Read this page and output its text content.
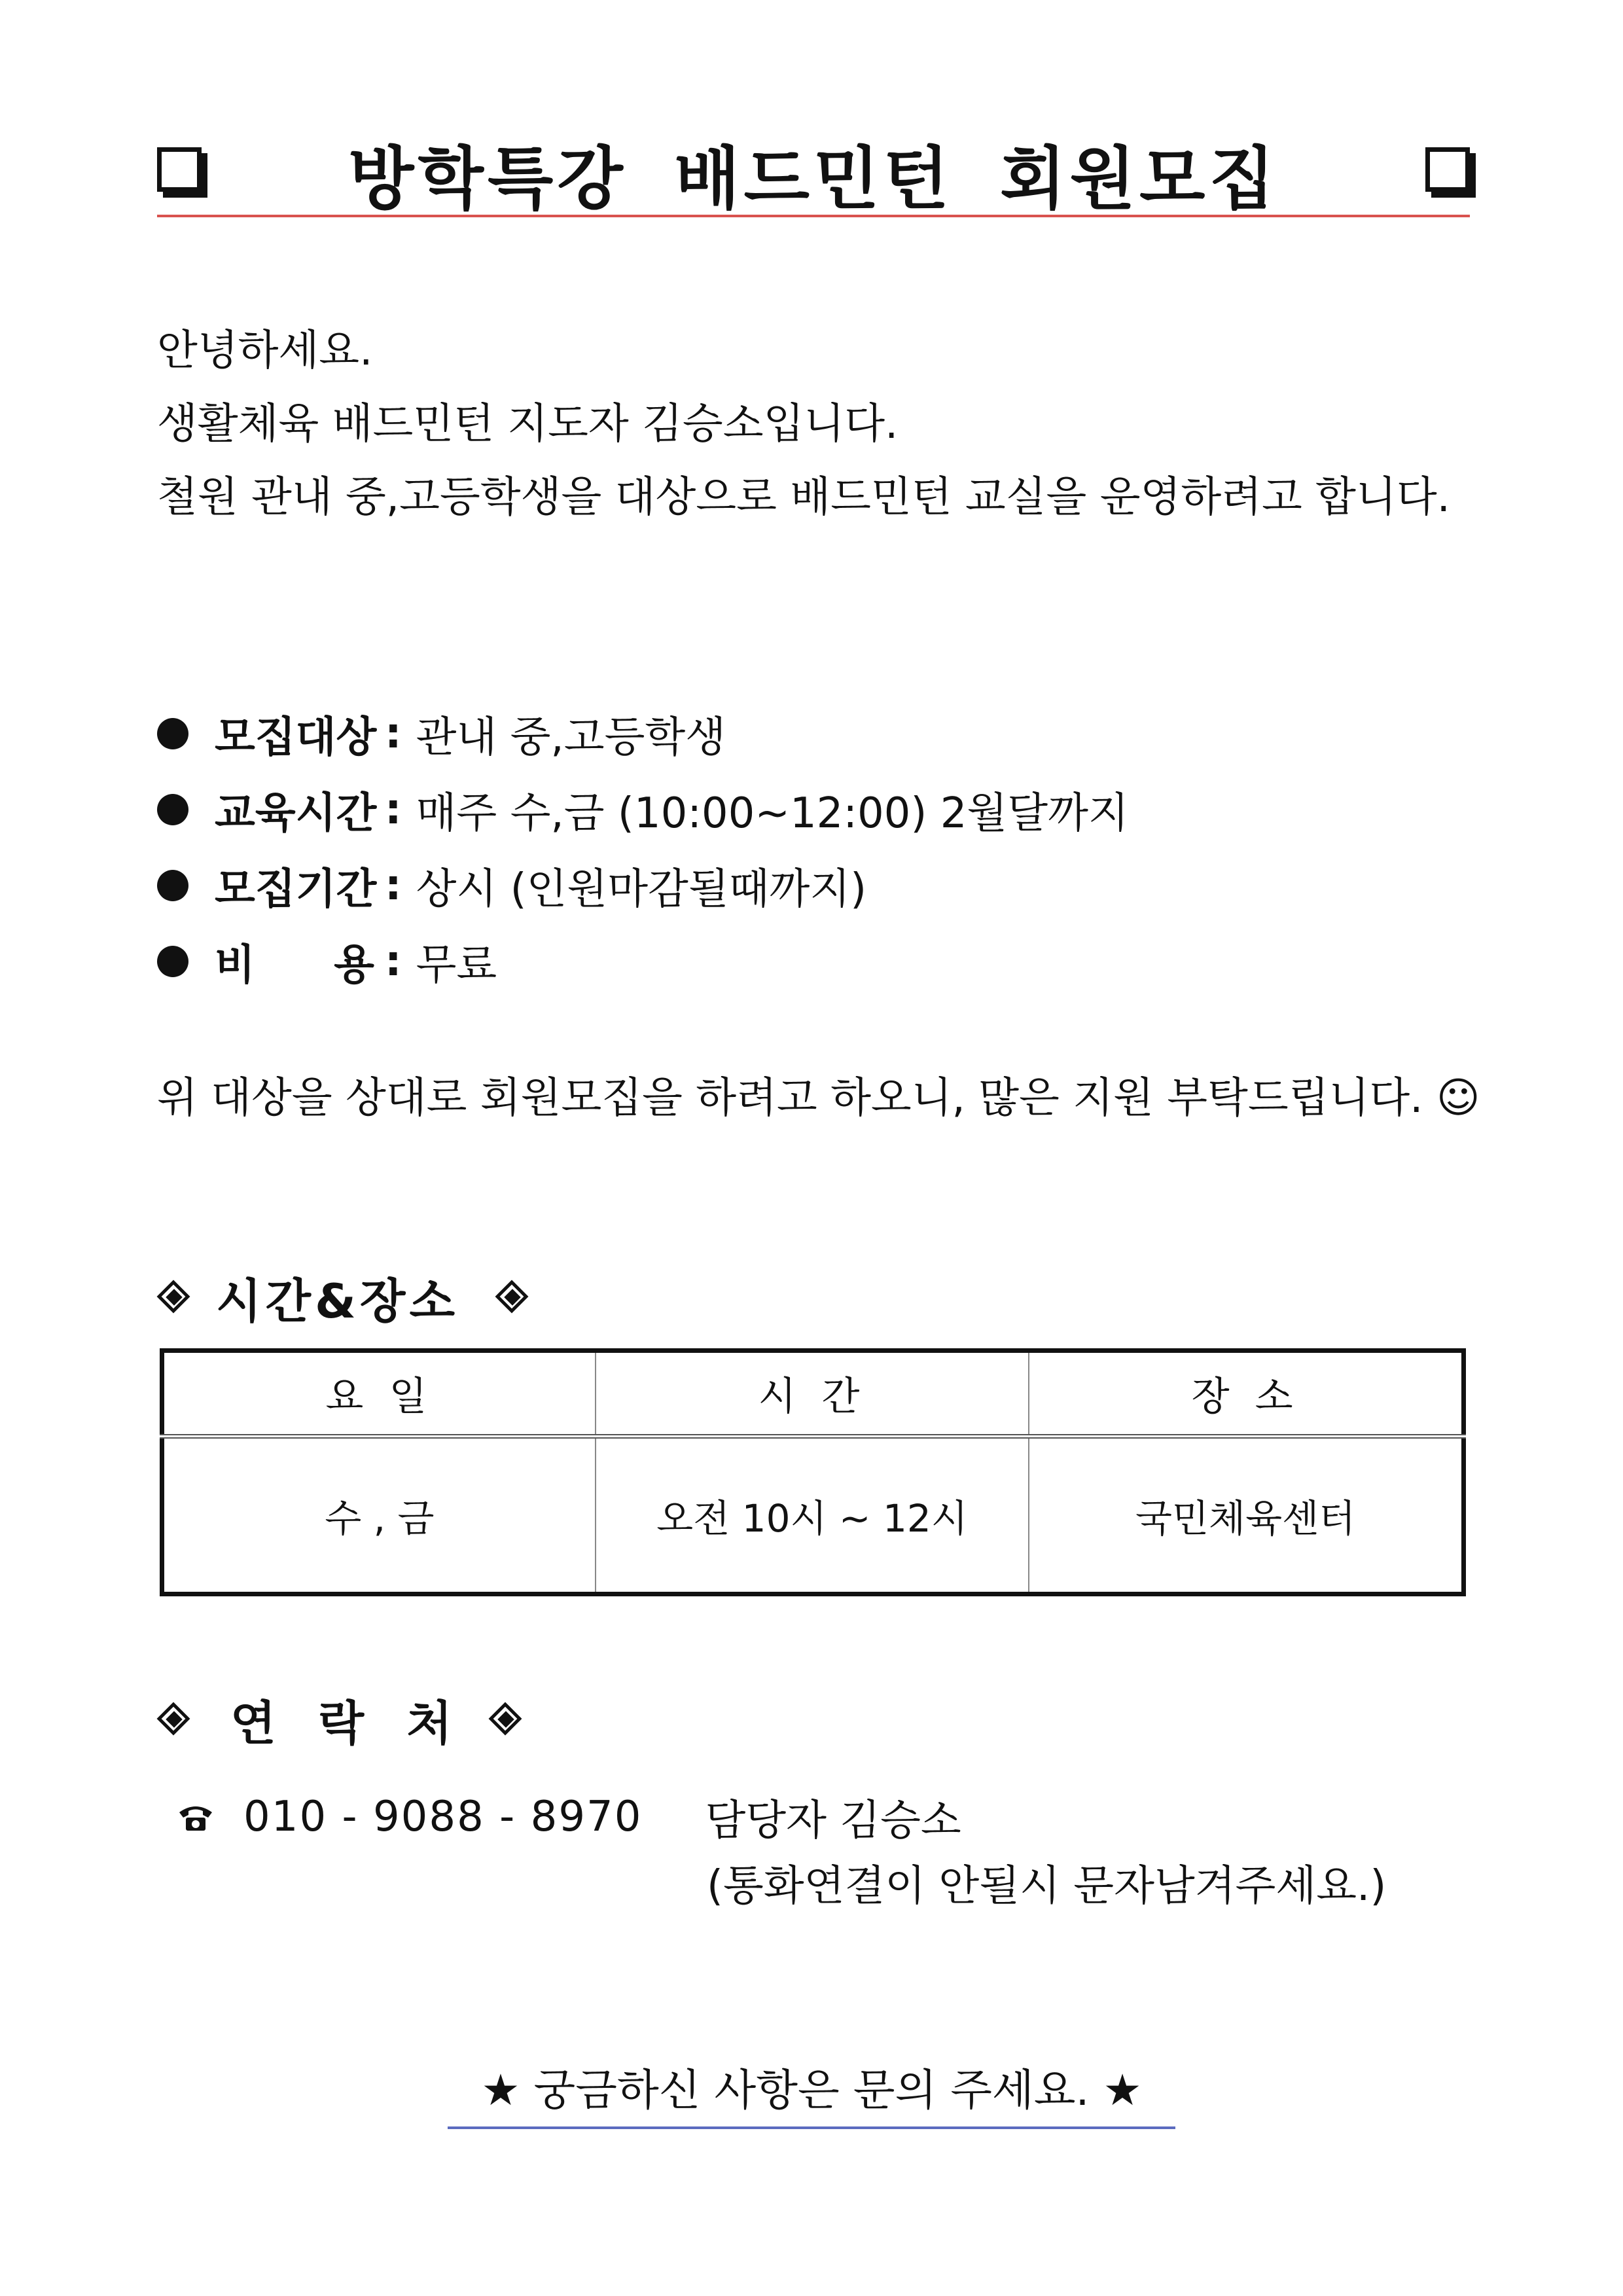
방학특강 배드민턴 회원모집
안녕하세요.
생활체육 배드민턴 지도자 김승소입니다.
철원 관내 중,고등학생을 대상으로 배드민턴 교실을 운영하려고 합니다.
모집대상 : 관내 중,고등학생
교육시간 : 매주 수,금 (10:00~12:00) 2월달까지
모집기간 : 상시 (인원마감될때까지)
비 용 : 무료
위 대상을 상대로 회원모집을 하려고 하오니, 많은 지원 부탁드립니다. ☺
시간&장소
요 일	시 간	장 소
수 , 금	오전 10시 ~ 12시	국민체육센터
연 락 처
010 - 9088 - 8970 담당자 김승소
(통화연결이 안될시 문자남겨주세요.)
★ 궁금하신 사항은 문의 주세요. ★
